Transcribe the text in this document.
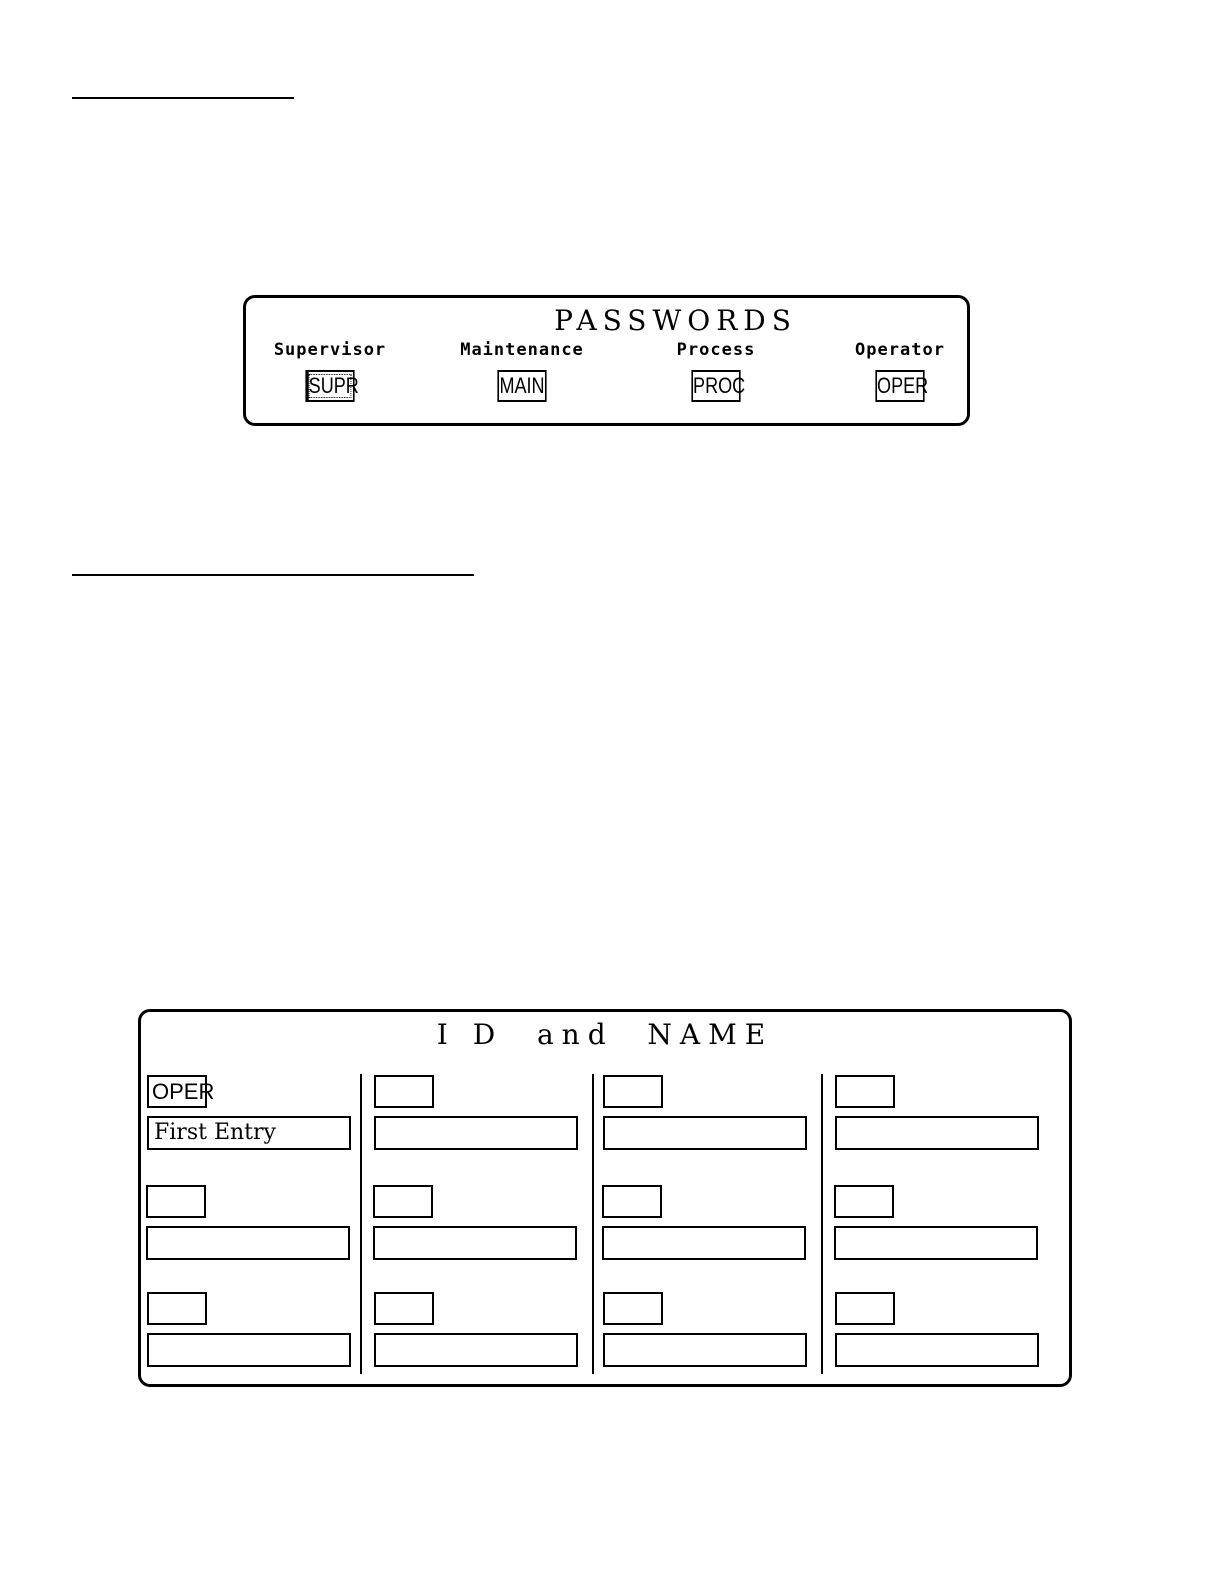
PASSWORDS
Supervisor
SUPR
Maintenance
MAIN
Process
PROC
Operator
OPER
I D  and  NAME
OPER
First Entry
